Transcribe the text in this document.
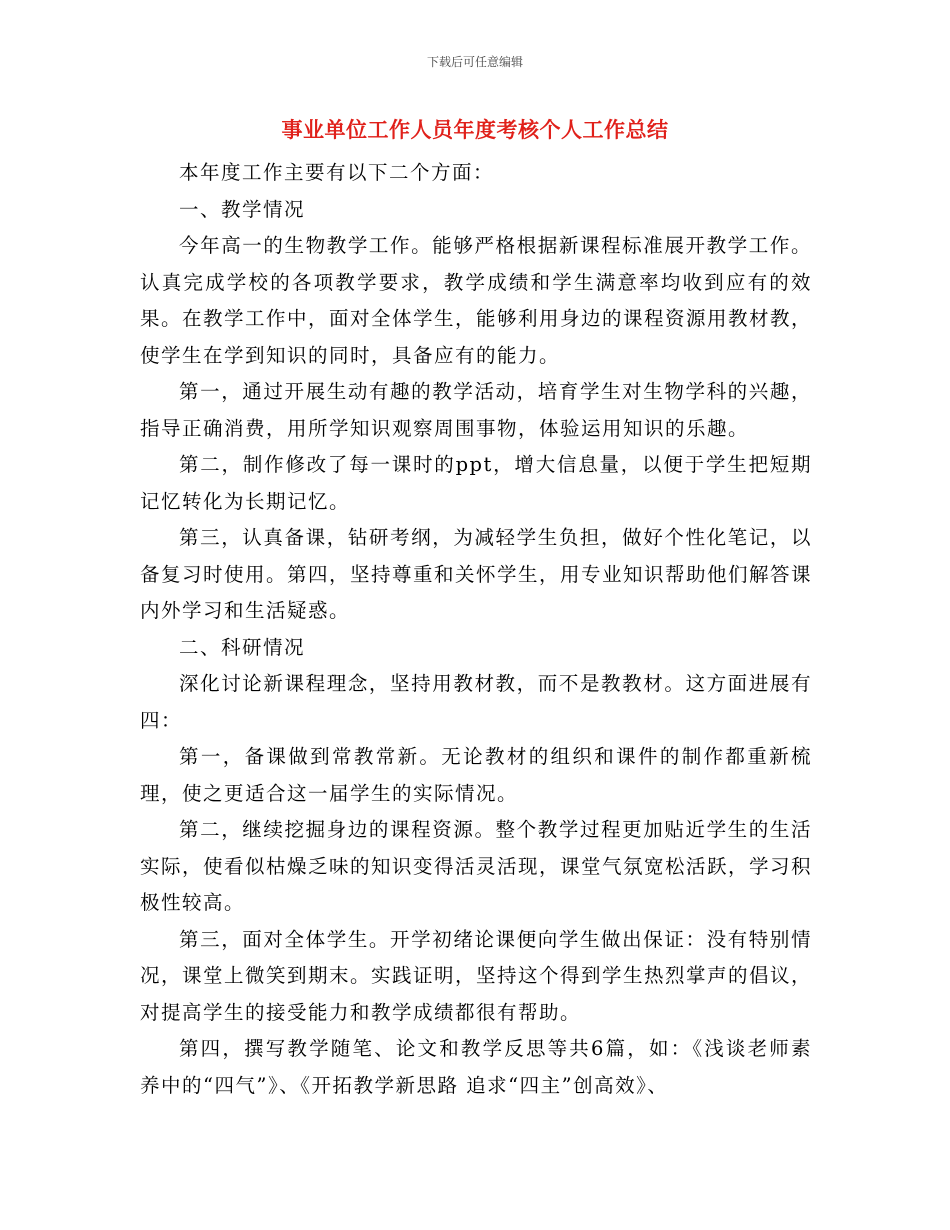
下载后可任意编辑
事业单位工作人员年度考核个人工作总结

本年度工作主要有以下二个方面：

一、教学情况

今年高一的生物教学工作。能够严格根据新课程标准展开教学工作。认真完成学校的各项教学要求，教学成绩和学生满意率均收到应有的效果。在教学工作中，面对全体学生，能够利用身边的课程资源用教材教，使学生在学到知识的同时，具备应有的能力。

第一，通过开展生动有趣的教学活动，培育学生对生物学科的兴趣，指导正确消费，用所学知识观察周围事物，体验运用知识的乐趣。

第二，制作修改了每一课时的ppt，增大信息量，以便于学生把短期记忆转化为长期记忆。

第三，认真备课，钻研考纲，为减轻学生负担，做好个性化笔记，以备复习时使用。第四，坚持尊重和关怀学生，用专业知识帮助他们解答课内外学习和生活疑惑。

二、科研情况

深化讨论新课程理念，坚持用教材教，而不是教教材。这方面进展有四：

第一，备课做到常教常新。无论教材的组织和课件的制作都重新梳理，使之更适合这一届学生的实际情况。

第二，继续挖掘身边的课程资源。整个教学过程更加贴近学生的生活实际，使看似枯燥乏味的知识变得活灵活现，课堂气氛宽松活跃，学习积极性较高。

第三，面对全体学生。开学初绪论课便向学生做出保证：没有特别情况，课堂上微笑到期末。实践证明，坚持这个得到学生热烈掌声的倡议，对提高学生的接受能力和教学成绩都很有帮助。

第四，撰写教学随笔、论文和教学反思等共6篇，如：《浅谈老师素养中的“四气”》、《开拓教学新思路 追求“四主”创高效》、
